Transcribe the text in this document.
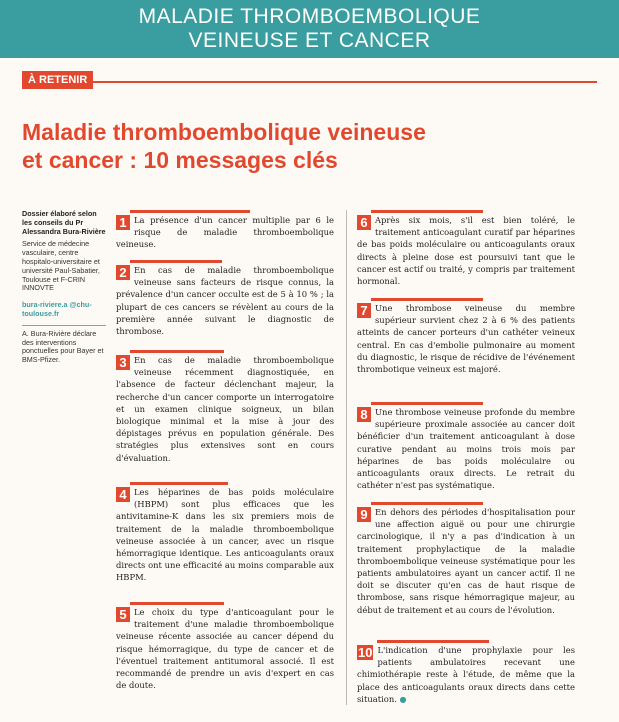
MALADIE THROMBOEMBOLIQUE
VEINEUSE ET CANCER
À RETENIR
Maladie thromboembolique veineuse
et cancer : 10 messages clés

Dossier élaboré selon les conseils du Pr Alessandra Bura-Rivière

Service de médecine vasculaire, centre hospitalo-universitaire et université Paul-Sabatier, Toulouse et F-CRIN INNOVTE

bura-riviere.a @chu-toulouse.fr

A. Bura-Rivière déclare des interventions ponctuelles pour Bayer et BMS-Pfizer.

1 La présence d'un cancer multiplie par 6 le risque de maladie thromboembolique veineuse.

2 En cas de maladie thromboembolique veineuse sans facteurs de risque connus, la prévalence d'un cancer occulte est de 5 à 10 % ; la plupart de ces cancers se révèlent au cours de la première année suivant le diagnostic de thrombose.

3 En cas de maladie thromboembolique veineuse récemment diagnostiquée, en l'absence de facteur déclenchant majeur, la recherche d'un cancer comporte un interrogatoire et un examen clinique soigneux, un bilan biologique minimal et la mise à jour des dépistages prévus en population générale. Des stratégies plus extensives sont en cours d'évaluation.

4 Les héparines de bas poids moléculaire (HBPM) sont plus efficaces que les antivitamine-K dans les six premiers mois de traitement de la maladie thromboembolique veineuse associée à un cancer, avec un risque hémorragique identique. Les anticoagulants oraux directs ont une efficacité au moins comparable aux HBPM.

5 Le choix du type d'anticoagulant pour le traitement d'une maladie thromboembolique veineuse récente associée au cancer dépend du risque hémorragique, du type de cancer et de l'éventuel traitement antitumoral associé. Il est recommandé de prendre un avis d'expert en cas de doute.

6 Après six mois, s'il est bien toléré, le traitement anticoagulant curatif par héparines de bas poids moléculaire ou anticoagulants oraux directs à pleine dose est poursuivi tant que le cancer est actif ou traité, y compris par traitement hormonal.

7 Une thrombose veineuse du membre supérieur survient chez 2 à 6 % des patients atteints de cancer porteurs d'un cathéter veineux central. En cas d'embolie pulmonaire au moment du diagnostic, le risque de récidive de l'événement thrombotique veineux est majoré.

8 Une thrombose veineuse profonde du membre supérieure proximale associée au cancer doit bénéficier d'un traitement anticoagulant à dose curative pendant au moins trois mois par héparines de bas poids moléculaire ou anticoagulants oraux directs. Le retrait du cathéter n'est pas systématique.

9 En dehors des périodes d'hospitalisation pour une affection aiguë ou pour une chirurgie carcinologique, il n'y a pas d'indication à un traitement prophylactique de la maladie thromboembolique veineuse systématique pour les patients ambulatoires ayant un cancer actif. Il ne doit se discuter qu'en cas de haut risque de thrombose, sans risque hémorragique majeur, au début de traitement et au cours de l'évolution.

10 L'indication d'une prophylaxie pour les patients ambulatoires recevant une chimiothérapie reste à l'étude, de même que la place des anticoagulants oraux directs dans cette situation. ●
